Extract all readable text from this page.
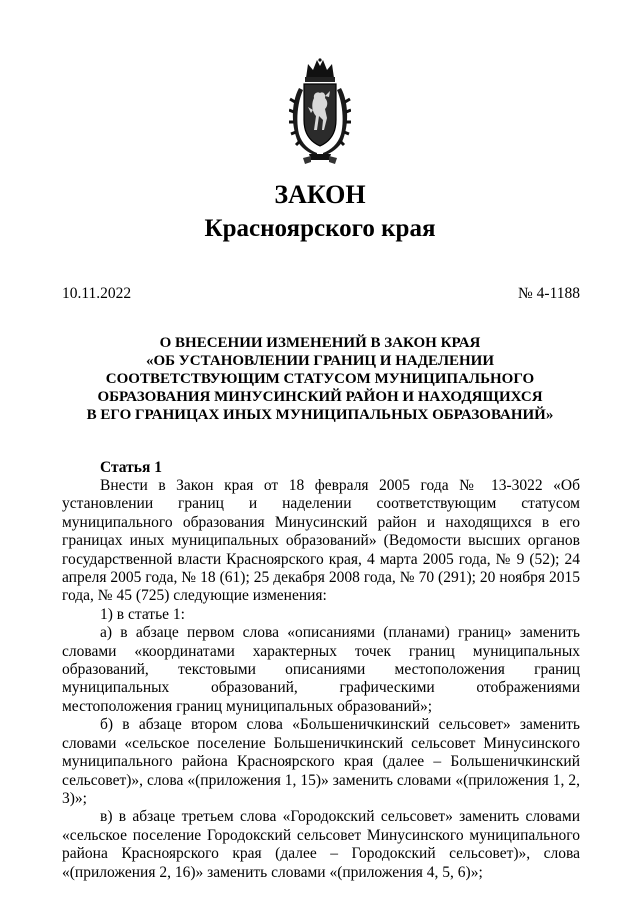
ЗАКОН
Красноярского края
10.11.2022	№ 4-1188
О ВНЕСЕНИИ ИЗМЕНЕНИЙ В ЗАКОН КРАЯ
«ОБ УСТАНОВЛЕНИИ ГРАНИЦ И НАДЕЛЕНИИ
СООТВЕТСТВУЮЩИМ СТАТУСОМ МУНИЦИПАЛЬНОГО
ОБРАЗОВАНИЯ МИНУСИНСКИЙ РАЙОН И НАХОДЯЩИХСЯ
В ЕГО ГРАНИЦАХ ИНЫХ МУНИЦИПАЛЬНЫХ ОБРАЗОВАНИЙ»
Статья 1

Внести в Закон края от 18 февраля 2005 года № 13-3022 «Об установлении границ и наделении соответствующим статусом муниципального образования Минусинский район и находящихся в его границах иных муниципальных образований» (Ведомости высших органов государственной власти Красноярского края, 4 марта 2005 года, № 9 (52); 24 апреля 2005 года, № 18 (61); 25 декабря 2008 года, № 70 (291); 20 ноября 2015 года, № 45 (725) следующие изменения:

1) в статье 1:

а) в абзаце первом слова «описаниями (планами) границ» заменить словами «координатами характерных точек границ муниципальных образований, текстовыми описаниями местоположения границ муниципальных образований, графическими отображениями местоположения границ муниципальных образований»;

б) в абзаце втором слова «Большеничкинский сельсовет» заменить словами «сельское поселение Большеничкинский сельсовет Минусинского муниципального района Красноярского края (далее – Большеничкинский сельсовет)», слова «(приложения 1, 15)» заменить словами «(приложения 1, 2, 3)»;

в) в абзаце третьем слова «Городокский сельсовет» заменить словами «сельское поселение Городокский сельсовет Минусинского муниципального района Красноярского края (далее – Городокский сельсовет)», слова «(приложения 2, 16)» заменить словами «(приложения 4, 5, 6)»;
